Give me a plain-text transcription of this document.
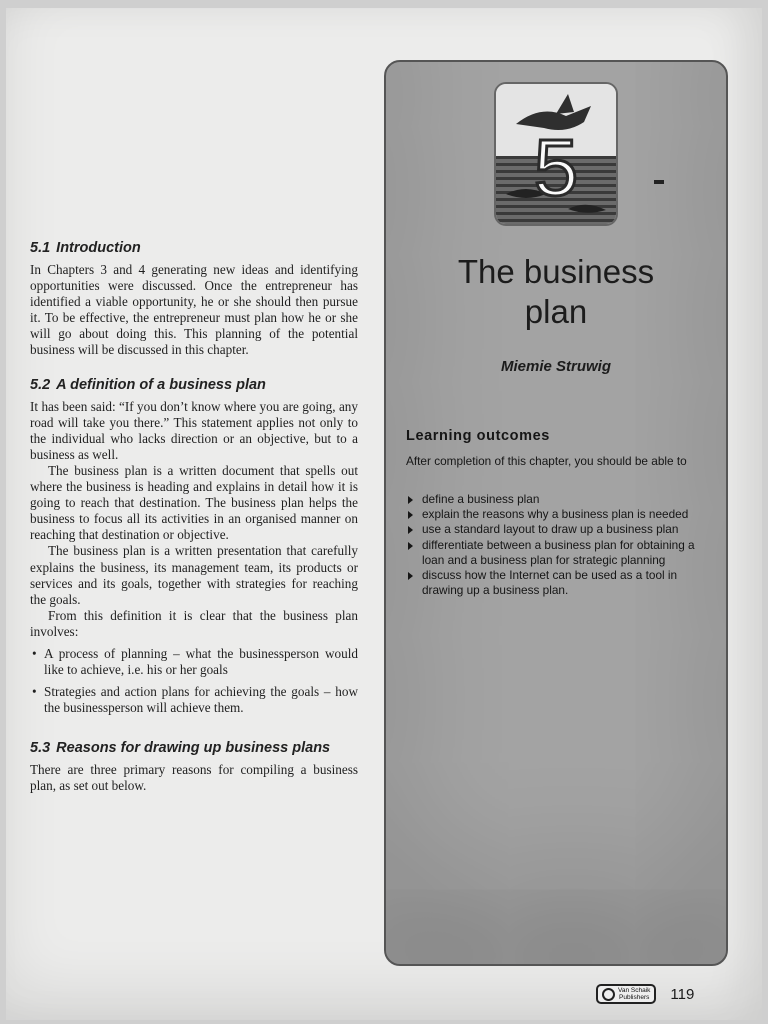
5.1 Introduction

In Chapters 3 and 4 generating new ideas and identifying opportunities were discussed. Once the entrepreneur has identified a viable opportunity, he or she should then pursue it. To be effective, the entrepreneur must plan how he or she will go about doing this. This planning of the potential business will be discussed in this chapter.

5.2 A definition of a business plan

It has been said: “If you don’t know where you are going, any road will take you there.” This statement applies not only to the individual who lacks direction or an objective, but to a business as well.

The business plan is a written document that spells out where the business is heading and explains in detail how it is going to reach that destination. The business plan helps the business to focus all its activities in an organised manner on reaching that destination or objective.

The business plan is a written presentation that carefully explains the business, its management team, its products or services and its goals, together with strategies for reaching the goals.

From this definition it is clear that the business plan involves:

• A process of planning – what the businessperson would like to achieve, i.e. his or her goals
• Strategies and action plans for achieving the goals – how the businessperson will achieve them.
5.3 Reasons for drawing up business plans

There are three primary reasons for compiling a business plan, as set out below.

5
The business
plan
Miemie Struwig
Learning outcomes
After completion of this chapter, you should be able to
define a business plan
explain the reasons why a business plan is needed
use a standard layout to draw up a business plan
differentiate between a business plan for obtaining a loan and a business plan for strategic planning
discuss how the Internet can be used as a tool in drawing up a business plan.
Van Schaik
Publishers 119
